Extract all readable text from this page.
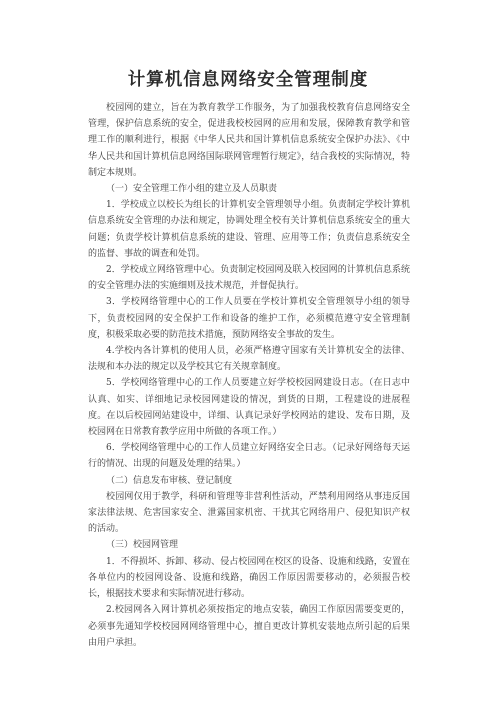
计算机信息网络安全管理制度

校园网的建立，旨在为教育教学工作服务，为了加强我校教育信息网络安全管理，保护信息系统的安全，促进我校校园网的应用和发展，保障教育教学和管理工作的顺利进行，根据《中华人民共和国计算机信息系统安全保护办法》、《中华人民共和国计算机信息网络国际联网管理暂行规定》，结合我校的实际情况，特制定本规则。

（一）安全管理工作小组的建立及人员职责

1．学校成立以校长为组长的计算机安全管理领导小组。负责制定学校计算机信息系统安全管理的办法和规定，协调处理全校有关计算机信息系统安全的重大问题；负责学校计算机信息系统的建设、管理、应用等工作；负责信息系统安全的监督、事故的调查和处罚。

2．学校成立网络管理中心。负责制定校园网及联入校园网的计算机信息系统的安全管理办法的实施细则及技术规范，并督促执行。

3．学校网络管理中心的工作人员要在学校计算机安全管理领导小组的领导下，负责校园网的安全保护工作和设备的维护工作，必须模范遵守安全管理制度，积极采取必要的防范技术措施，预防网络安全事故的发生。

4.学校内各计算机的使用人员，必须严格遵守国家有关计算机安全的法律、法规和本办法的规定以及学校其它有关规章制度。

5．学校网络管理中心的工作人员要建立好学校校园网建设日志。（在日志中认真、如实、详细地记录校园网建设的情况，到货的日期，工程建设的进展程度。在以后校园网站建设中，详细、认真记录好学校网站的建设、发布日期，及校园网在日常教育教学应用中所做的各项工作。）

6．学校网络管理中心的工作人员建立好网络安全日志。（记录好网络每天运行的情况、出现的问题及处理的结果。）

（二）信息发布审核、登记制度

校园网仅用于教学，科研和管理等非营利性活动，严禁利用网络从事违反国家法律法规、危害国家安全、泄露国家机密、干扰其它网络用户、侵犯知识产权的活动。

（三）校园网管理

1．不得损坏、拆卸、移动、侵占校园网在校区的设备、设施和线路，安置在各单位内的校园网设备、设施和线路，确因工作原因需要移动的，必须报告校长，根据技术要求和实际情况进行移动。

2.校园网各入网计算机必须按指定的地点安装，确因工作原因需要变更的，必须事先通知学校校园网网络管理中心，擅自更改计算机安装地点所引起的后果由用户承担。
